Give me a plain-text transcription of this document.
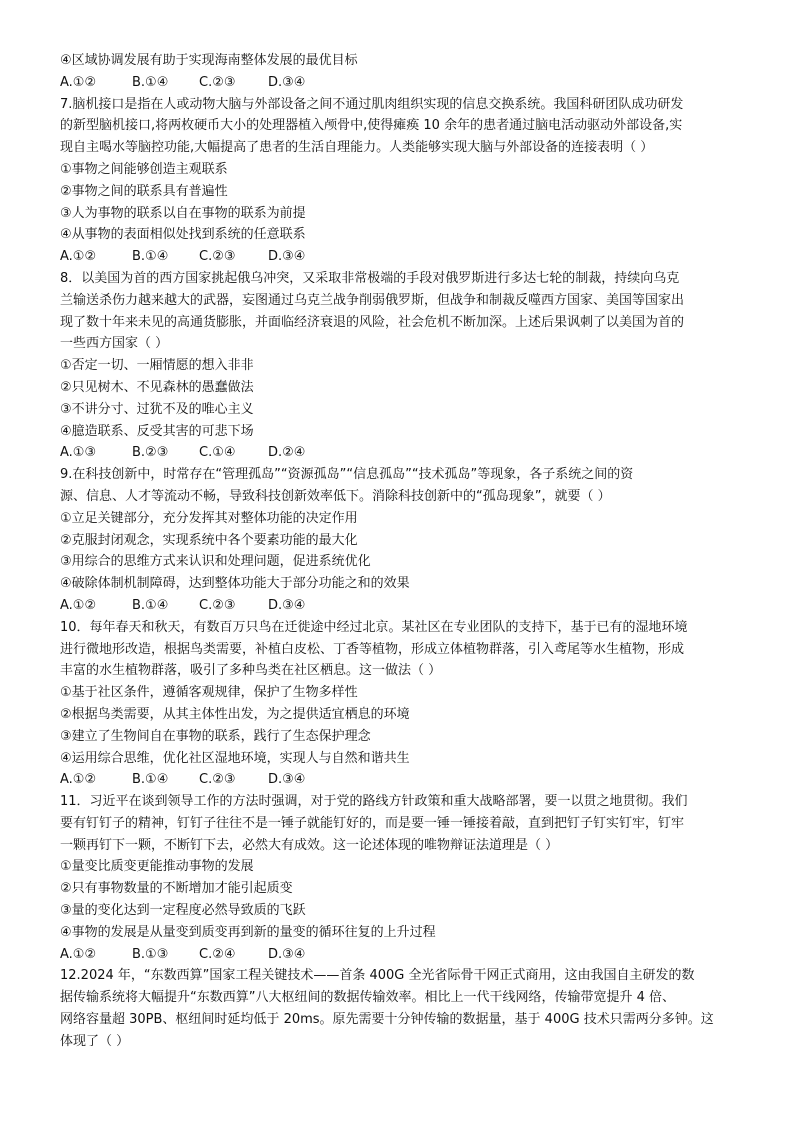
④区域协调发展有助于实现海南整体发展的最优目标
A.①②	B.①④	C.②③	D.③④
7.脑机接口是指在人或动物大脑与外部设备之间不通过肌肉组织实现的信息交换系统。我国科研团队成功研发
的新型脑机接口,将两枚硬币大小的处理器植入颅骨中,使得瘫痪 10 余年的患者通过脑电活动驱动外部设备,实
现自主喝水等脑控功能,大幅提高了患者的生活自理能力。人类能够实现大脑与外部设备的连接表明（ ）
①事物之间能够创造主观联系
②事物之间的联系具有普遍性
③人为事物的联系以自在事物的联系为前提
④从事物的表面相似处找到系统的任意联系
A.①②	B.①④	C.②③	D.③④
8．以美国为首的西方国家挑起俄乌冲突，又采取非常极端的手段对俄罗斯进行多达七轮的制裁，持续向乌克
兰输送杀伤力越来越大的武器，妄图通过乌克兰战争削弱俄罗斯，但战争和制裁反噬西方国家、美国等国家出
现了数十年来未见的高通货膨胀，并面临经济衰退的风险，社会危机不断加深。上述后果讽刺了以美国为首的
一些西方国家（ ）
①否定一切、一厢情愿的想入非非
②只见树木、不见森林的愚蠢做法
③不讲分寸、过犹不及的唯心主义
④臆造联系、反受其害的可悲下场
A.①③	B.②③	C.①④	D.②④
9.在科技创新中，时常存在“管理孤岛”“资源孤岛”“信息孤岛”“技术孤岛”等现象，各子系统之间的资
源、信息、人才等流动不畅，导致科技创新效率低下。消除科技创新中的“孤岛现象”，就要（ ）
①立足关键部分，充分发挥其对整体功能的决定作用
②克服封闭观念，实现系统中各个要素功能的最大化
③用综合的思维方式来认识和处理问题，促进系统优化
④破除体制机制障碍，达到整体功能大于部分功能之和的效果
A.①②	B.①④	C.②③	D.③④
10．每年春天和秋天，有数百万只鸟在迁徙途中经过北京。某社区在专业团队的支持下，基于已有的湿地环境
进行微地形改造，根据鸟类需要，补植白皮松、丁香等植物，形成立体植物群落，引入鸢尾等水生植物，形成
丰富的水生植物群落，吸引了多种鸟类在社区栖息。这一做法（ ）
①基于社区条件，遵循客观规律，保护了生物多样性
②根据鸟类需要，从其主体性出发，为之提供适宜栖息的环境
③建立了生物间自在事物的联系，践行了生态保护理念
④运用综合思维，优化社区湿地环境，实现人与自然和谐共生
A.①②	B.①④	C.②③	D.③④
11．习近平在谈到领导工作的方法时强调，对于党的路线方针政策和重大战略部署，要一以贯之地贯彻。我们
要有钉钉子的精神，钉钉子往往不是一锤子就能钉好的，而是要一锤一锤接着敲，直到把钉子钉实钉牢，钉牢
一颗再钉下一颗，不断钉下去，必然大有成效。这一论述体现的唯物辩证法道理是（ ）
①量变比质变更能推动事物的发展
②只有事物数量的不断增加才能引起质变
③量的变化达到一定程度必然导致质的飞跃
④事物的发展是从量变到质变再到新的量变的循环往复的上升过程
A.①②	B.①③	C.②④	D.③④
12.2024 年，“东数西算”国家工程关键技术——首条 400G 全光省际骨干网正式商用，这由我国自主研发的数
据传输系统将大幅提升“东数西算”八大枢纽间的数据传输效率。相比上一代干线网络，传输带宽提升 4 倍、
网络容量超 30PB、枢纽间时延均低于 20ms。原先需要十分钟传输的数据量，基于 400G 技术只需两分多钟。这
体现了（ ）
